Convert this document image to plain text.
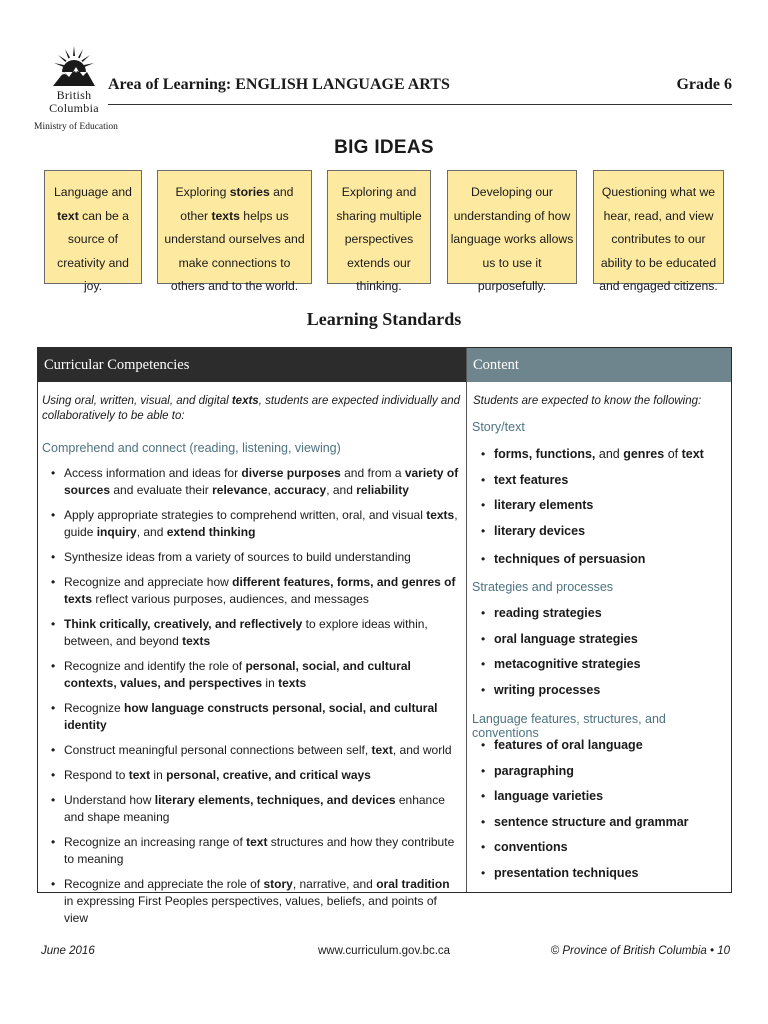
British
Columbia
Ministry of Education
Area of Learning: ENGLISH LANGUAGE ARTS	Grade 6
BIG IDEAS
Language and text can be a source of creativity and joy.
Exploring stories and other texts helps us understand ourselves and make connections to others and to the world.
Exploring and sharing multiple perspectives extends our thinking.
Developing our understanding of how language works allows us to use it purposefully.
Questioning what we hear, read, and view contributes to our ability to be educated and engaged citizens.
Learning Standards
Curricular Competencies	Content
Using oral, written, visual, and digital texts, students are expected individually and collaboratively to be able to:
Comprehend and connect (reading, listening, viewing)
• Access information and ideas for diverse purposes and from a variety of sources and evaluate their relevance, accuracy, and reliability
• Apply appropriate strategies to comprehend written, oral, and visual texts, guide inquiry, and extend thinking
• Synthesize ideas from a variety of sources to build understanding
• Recognize and appreciate how different features, forms, and genres of texts reflect various purposes, audiences, and messages
• Think critically, creatively, and reflectively to explore ideas within, between, and beyond texts
• Recognize and identify the role of personal, social, and cultural contexts, values, and perspectives in texts
• Recognize how language constructs personal, social, and cultural identity
• Construct meaningful personal connections between self, text, and world
• Respond to text in personal, creative, and critical ways
• Understand how literary elements, techniques, and devices enhance and shape meaning
• Recognize an increasing range of text structures and how they contribute to meaning
• Recognize and appreciate the role of story, narrative, and oral tradition in expressing First Peoples perspectives, values, beliefs, and points of view
Students are expected to know the following:
Story/text
• forms, functions, and genres of text
• text features
• literary elements
• literary devices
• techniques of persuasion
Strategies and processes
• reading strategies
• oral language strategies
• metacognitive strategies
• writing processes
Language features, structures, and conventions
• features of oral language
• paragraphing
• language varieties
• sentence structure and grammar
• conventions
• presentation techniques
June 2016	www.curriculum.gov.bc.ca	© Province of British Columbia • 10
